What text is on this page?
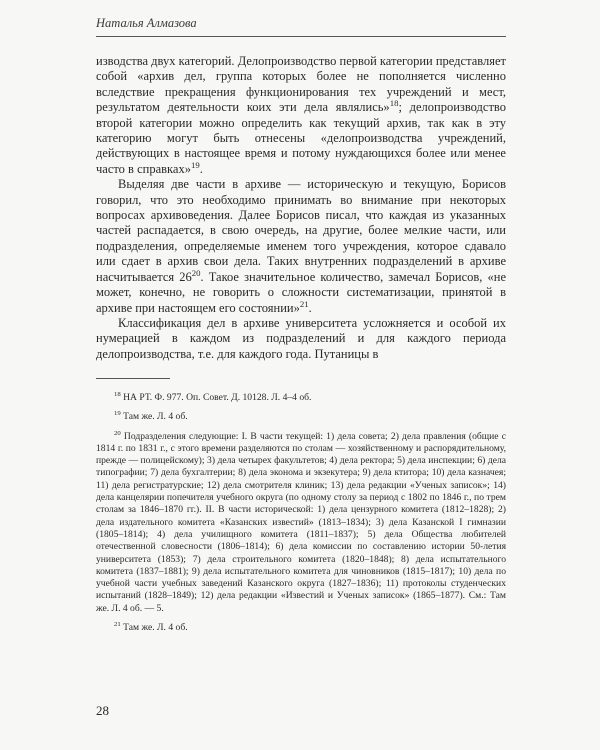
Наталья Алмазова

изводства двух категорий. Делопроизводство первой категории представляет собой «архив дел, группа которых более не пополняется численно вследствие прекращения функционирования тех учреждений и мест, результатом деятельности коих эти дела являлись»$^{18}$; делопроизводство второй категории можно определить как текущий архив, так как в эту категорию могут быть отнесены «делопроизводства учреждений, действующих в настоящее время и потому нуждающихся более или менее часто в справках»$^{19}$.

Выделяя две части в архиве — историческую и текущую, Борисов говорил, что это необходимо принимать во внимание при некоторых вопросах архивоведения. Далее Борисов писал, что каждая из указанных частей распадается, в свою очередь, на другие, более мелкие части, или подразделения, определяемые именем того учреждения, которое сдавало или сдает в архив свои дела. Таких внутренних подразделений в архиве насчитывается $26^{20}$. Такое значительное количество, замечал Борисов, «не может, конечно, не говорить о сложности систематизации, принятой в архиве при настоящем его состоянии»$^{21}$.

Классификация дел в архиве университета усложняется и особой их нумерацией в каждом из подразделений и для каждого периода делопроизводства, т.е. для каждого года. Путаницы в

$^{18}$ НА РТ. Ф. 977. Оп. Совет. Д. 10128. Л. 4–4 об.

$^{19}$ Там же. Л. 4 об.

$^{20}$ Подразделения следующие: I. В части текущей: 1) дела совета; 2) дела правления (общие с 1814 г. по 1831 г., с этого времени разделяются по столам — хозяйственному и распорядительному, прежде — полицейскому); 3) дела четырех факультетов; 4) дела ректора; 5) дела инспекции; 6) дела типографии; 7) дела бухгалтерии; 8) дела эконома и экзекутера; 9) дела ктитора; 10) дела казначея; 11) дела регистратурские; 12) дела смотрителя клиник; 13) дела редакции «Ученых записок»; 14) дела канцелярии попечителя учебного округа (по одному столу за период с 1802 по 1846 г., по трем столам за 1846–1870 гг.). II. В части исторической: 1) дела цензурного комитета (1812–1828); 2) дела издательного комитета «Казанских известий» (1813–1834); 3) дела Казанской I гимназии (1805–1814); 4) дела училищного комитета (1811–1837); 5) дела Общества любителей отечественной словесности (1806–1814); 6) дела комиссии по составлению истории 50-летия университета (1853); 7) дела строительного комитета (1820–1848); 8) дела испытательного комитета (1837–1881); 9) дела испытательного комитета для чиновников (1815–1817); 10) дела по учебной части учебных заведений Казанского округа (1827–1836); 11) протоколы студенческих испытаний (1828–1849); 12) дела редакции «Известий и Ученых записок» (1865–1877). См.: Там же. Л. 4 об. — 5.

$^{21}$ Там же. Л. 4 об.

28
